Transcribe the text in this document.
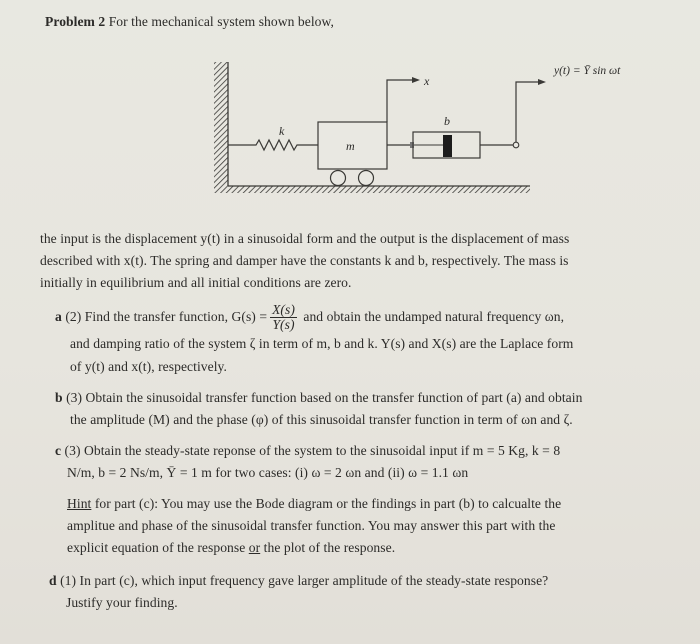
Problem 2 For the mechanical system shown below,
k
m
x
b
y(t) = Ȳ sin ωt
the input is the displacement y(t) in a sinusoidal form and the output is the displacement of mass
described with x(t). The spring and damper have the constants k and b, respectively. The mass is
initially in equilibrium and all initial conditions are zero.
a (2) Find the transfer function, $G(s) = \frac{X(s)}{Y(s)}$ and obtain the undamped natural frequency ωn,
and damping ratio of the system ζ in term of m, b and k. Y(s) and X(s) are the Laplace form
of y(t) and x(t), respectively.
b (3) Obtain the sinusoidal transfer function based on the transfer function of part (a) and obtain
the amplitude (M) and the phase (φ) of this sinusoidal transfer function in term of ωn and ζ.
c (3) Obtain the steady-state reponse of the system to the sinusoidal input if m = 5 Kg, k = 8
N/m, b = 2 Ns/m, Ȳ = 1 m for two cases: (i) ω = 2 ωn and (ii) ω = 1.1 ωn
Hint for part (c): You may use the Bode diagram or the findings in part (b) to calcualte the
amplitue and phase of the sinusoidal transfer function. You may answer this part with the
explicit equation of the response or the plot of the response.
d (1) In part (c), which input frequency gave larger amplitude of the steady-state response?
Justify your finding.
